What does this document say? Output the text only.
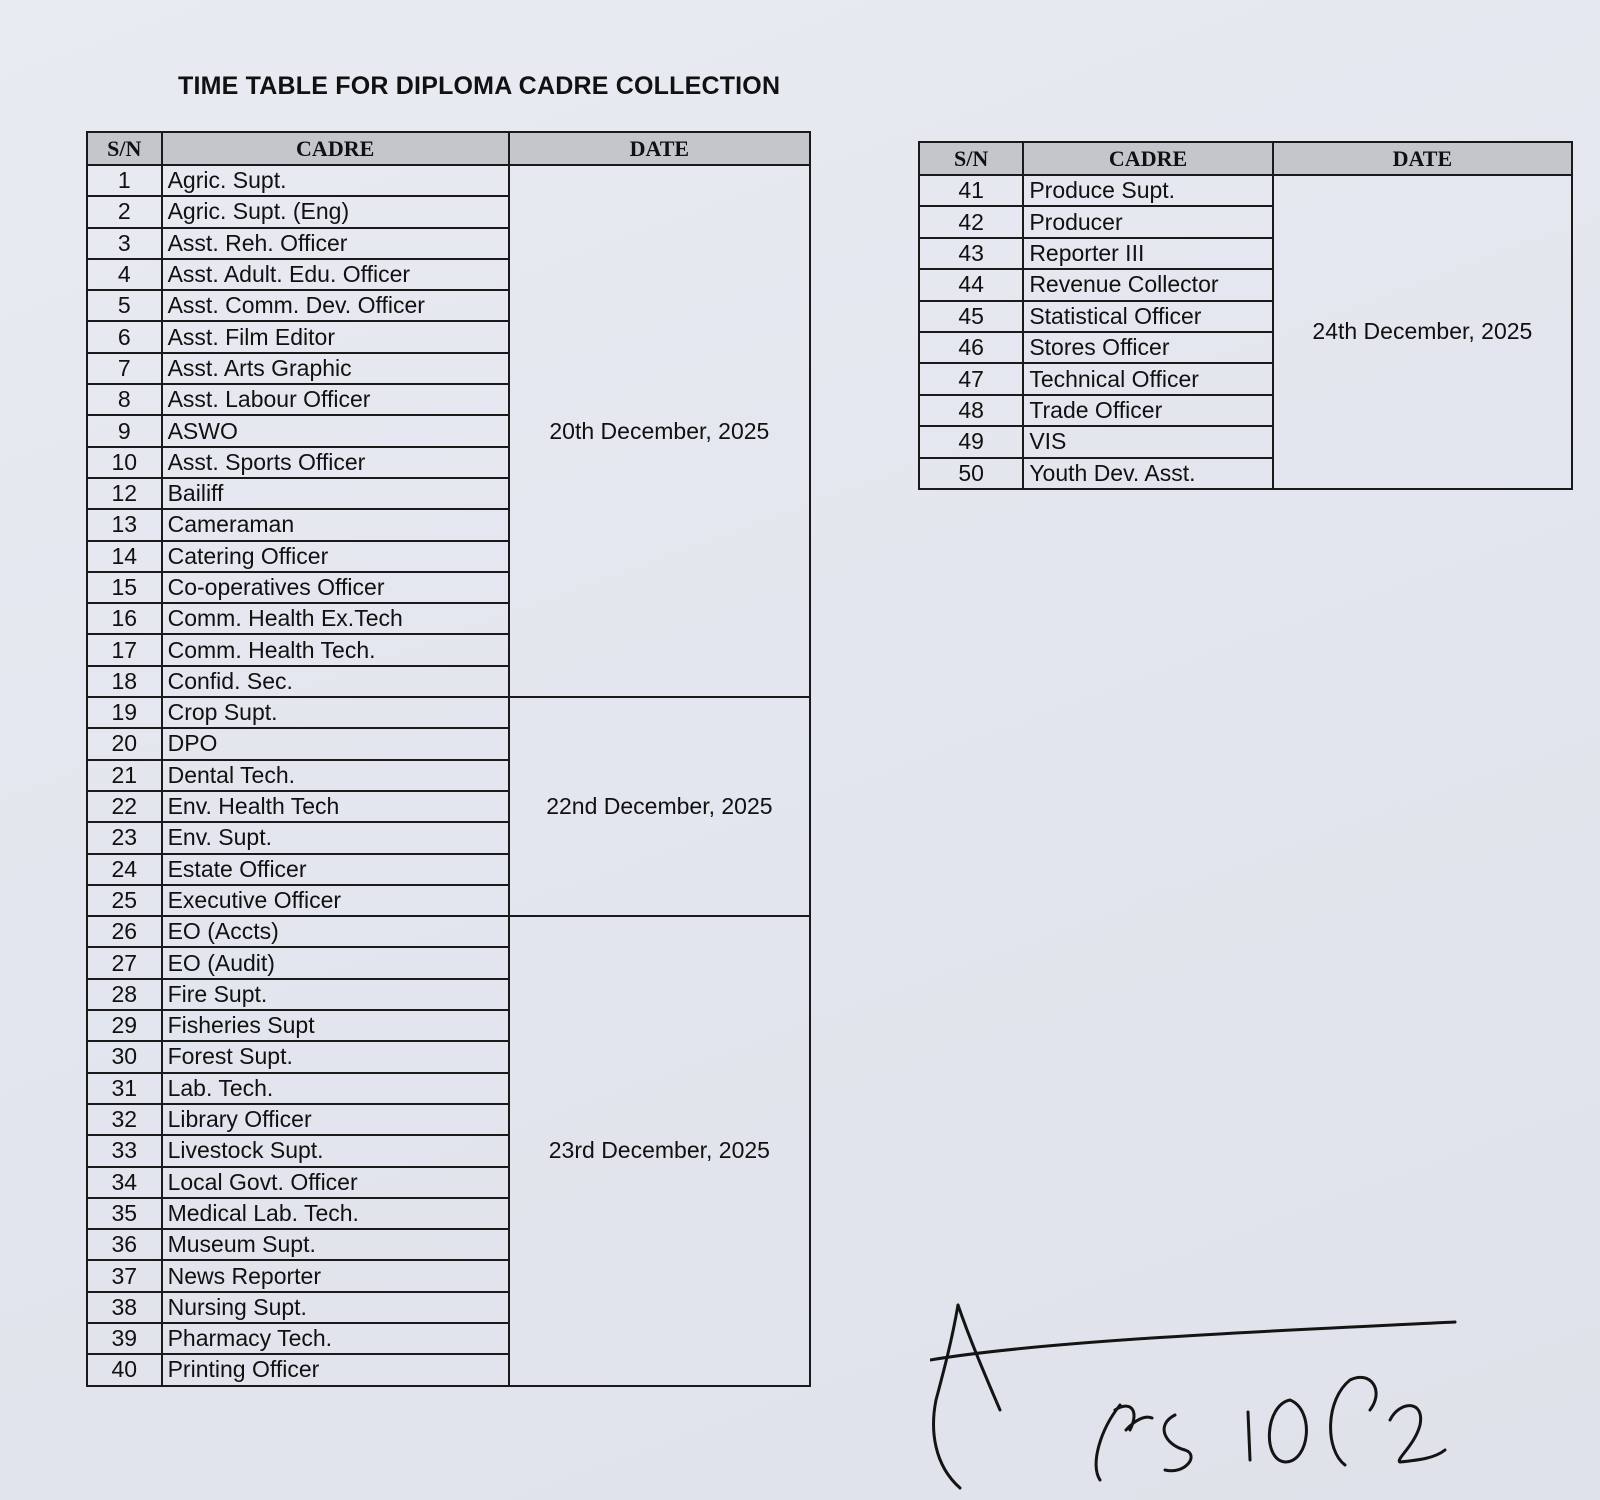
TIME TABLE FOR DIPLOMA CADRE COLLECTION
S/N	CADRE	DATE
1	Agric. Supt.	20th December, 2025
2	Agric. Supt. (Eng)	
3	Asst. Reh. Officer	
4	Asst. Adult. Edu. Officer	
5	Asst. Comm. Dev. Officer	
6	Asst. Film Editor	
7	Asst. Arts Graphic	
8	Asst. Labour Officer	
9	ASWO	
10	Asst. Sports Officer	
12	Bailiff	
13	Cameraman	
14	Catering Officer	
15	Co-operatives Officer	
16	Comm. Health Ex.Tech	
17	Comm. Health Tech.	
18	Confid. Sec.	
19	Crop Supt.	22nd December, 2025
20	DPO	
21	Dental Tech.	
22	Env. Health Tech	
23	Env. Supt.	
24	Estate Officer	
25	Executive Officer	
26	EO (Accts)	23rd December, 2025
27	EO (Audit)	
28	Fire Supt.	
29	Fisheries Supt	
30	Forest Supt.	
31	Lab. Tech.	
32	Library Officer	
33	Livestock Supt.	
34	Local Govt. Officer	
35	Medical Lab. Tech.	
36	Museum Supt.	
37	News Reporter	
38	Nursing Supt.	
39	Pharmacy Tech.	
40	Printing Officer	
S/N	CADRE	DATE
41	Produce Supt.	24th December, 2025
42	Producer	
43	Reporter III	
44	Revenue Collector	
45	Statistical Officer	
46	Stores Officer	
47	Technical Officer	
48	Trade Officer	
49	VIS	
50	Youth Dev. Asst.	
